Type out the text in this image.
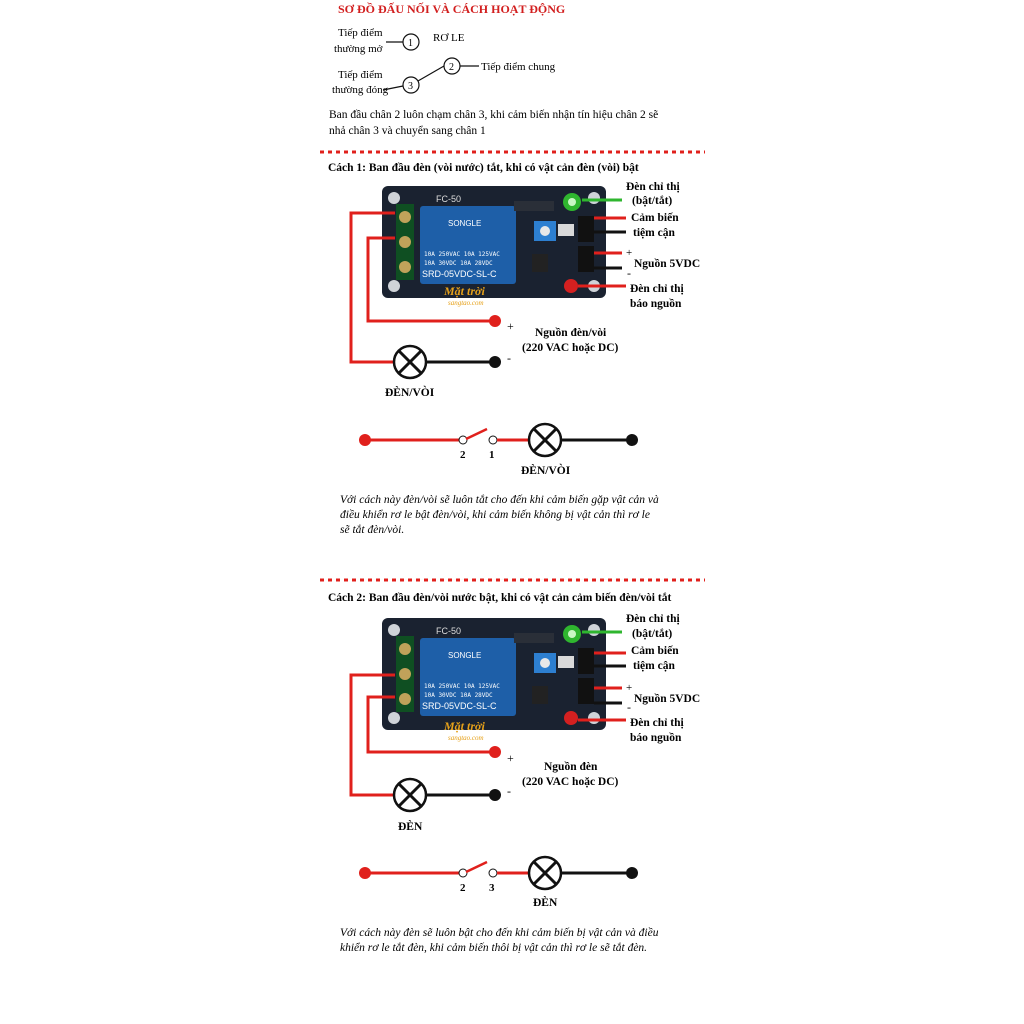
SƠ ĐỒ ĐẤU NỐI VÀ CÁCH HOẠT ĐỘNG
Tiếp điểm
thường mở	1 RƠ LE
2 Tiếp điểm chung
Tiếp điểm
thường đóng 3
Ban đầu chân 2 luôn chạm chân 3, khi cảm biến nhận tín hiệu chân 2 sẽ
nhả chân 3 và chuyển sang chân 1
Cách 1: Ban đầu đèn (vòi nước) tắt, khi có vật cản đèn (vòi) bật
FC-50
SONGLE
10A 250VAC 10A 125VAC
10A 30VDC 10A 28VDC
SRD-05VDC-SL-C
Mặt trời
sangtao.com
+
-
Nguồn đèn/vòi
(220 VAC hoặc DC)
ĐÈN/VÒI
Đèn chỉ thị
(bật/tắt)
Cảm biến
tiệm cận
+
-
Nguồn 5VDC
Đèn chỉ thị
báo nguồn
2 1
ĐÈN/VÒI
Với cách này đèn/vòi sẽ luôn tắt cho đến khi cảm biến gặp vật cản và
điều khiển rơ le bật đèn/vòi, khi cảm biến không bị vật cản thì rơ le
sẽ tắt đèn/vòi.
Cách 2: Ban đầu đèn/vòi nước bật, khi có vật cản cảm biến đèn/vòi tắt
FC-50
SONGLE
10A 250VAC 10A 125VAC
10A 30VDC 10A 28VDC
SRD-05VDC-SL-C
Mặt trời
sangtao.com
+
-
Nguồn đèn
(220 VAC hoặc DC)
ĐÈN
Đèn chỉ thị
(bật/tắt)
Cảm biến
tiệm cận
+
-
Nguồn 5VDC
Đèn chỉ thị
báo nguồn
2 3
ĐÈN
Với cách này đèn sẽ luôn bật cho đến khi cảm biến bị vật cản và điều
khiển rơ le tắt đèn, khi cảm biến thôi bị vật cản thì rơ le sẽ tắt đèn.
